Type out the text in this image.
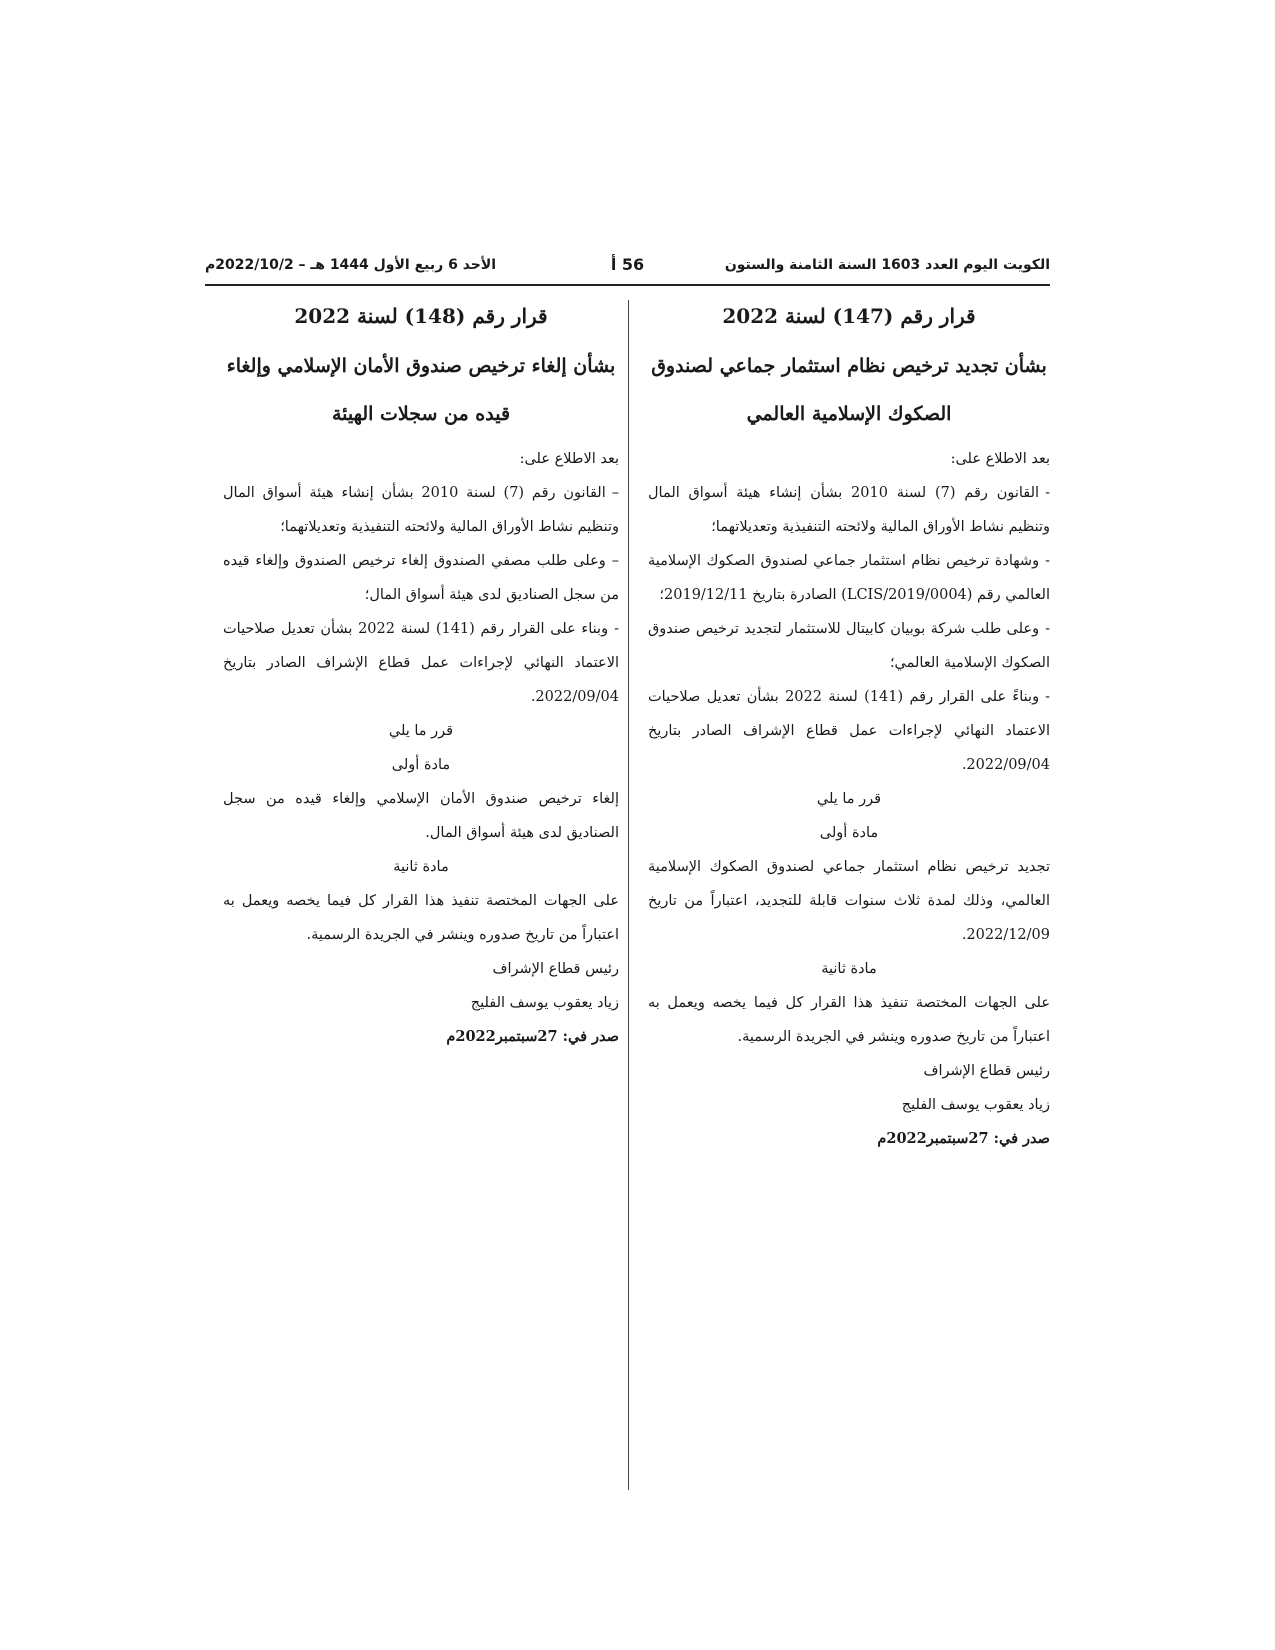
الكويت اليوم العدد 1603 السنة الثامنة والستون
56 أ
الأحد 6 ربيع الأول 1444 هـ – 2022/10/2م

قرار رقم (147) لسنة 2022

بشأن تجديد ترخيص نظام استثمار جماعي لصندوق الصكوك الإسلامية العالمي

بعد الاطلاع على:

-القانون رقم (7) لسنة 2010 بشأن إنشاء هيئة أسواق المال وتنظيم نشاط الأوراق المالية ولائحته التنفيذية وتعديلاتهما؛

-وشهادة ترخيص نظام استثمار جماعي لصندوق الصكوك الإسلامية العالمي رقم (LCIS/2019/0004) الصادرة بتاريخ 2019/12/11؛

-وعلى طلب شركة بوبيان كابيتال للاستثمار لتجديد ترخيص صندوق الصكوك الإسلامية العالمي؛

-وبناءً على القرار رقم (141) لسنة 2022 بشأن تعديل صلاحيات الاعتماد النهائي لإجراءات عمل قطاع الإشراف الصادر بتاريخ 2022/09/04.

قرر ما يلي

مادة أولى

تجديد ترخيص نظام استثمار جماعي لصندوق الصكوك الإسلامية العالمي، وذلك لمدة ثلاث سنوات قابلة للتجديد، اعتباراً من تاريخ 2022/12/09.

مادة ثانية

على الجهات المختصة تنفيذ هذا القرار كل فيما يخصه ويعمل به اعتباراً من تاريخ صدوره وينشر في الجريدة الرسمية.

رئيس قطاع الإشراف

زياد يعقوب يوسف الفليج

صدر في: 27سبتمبر2022م

قرار رقم (148) لسنة 2022

بشأن إلغاء ترخيص صندوق الأمان الإسلامي وإلغاء قيده من سجلات الهيئة

بعد الاطلاع على:

–القانون رقم (7) لسنة 2010 بشأن إنشاء هيئة أسواق المال وتنظيم نشاط الأوراق المالية ولائحته التنفيذية وتعديلاتهما؛

–وعلى طلب مصفي الصندوق إلغاء ترخيص الصندوق وإلغاء قيده من سجل الصناديق لدى هيئة أسواق المال؛

-وبناء على القرار رقم (141) لسنة 2022 بشأن تعديل صلاحيات الاعتماد النهائي لإجراءات عمل قطاع الإشراف الصادر بتاريخ 2022/09/04.

قرر ما يلي

مادة أولى

إلغاء ترخيص صندوق الأمان الإسلامي وإلغاء قيده من سجل الصناديق لدى هيئة أسواق المال.

مادة ثانية

على الجهات المختصة تنفيذ هذا القرار كل فيما يخصه ويعمل به اعتباراً من تاريخ صدوره وينشر في الجريدة الرسمية.

رئيس قطاع الإشراف

زياد يعقوب يوسف الفليج

صدر في: 27سبتمبر2022م
